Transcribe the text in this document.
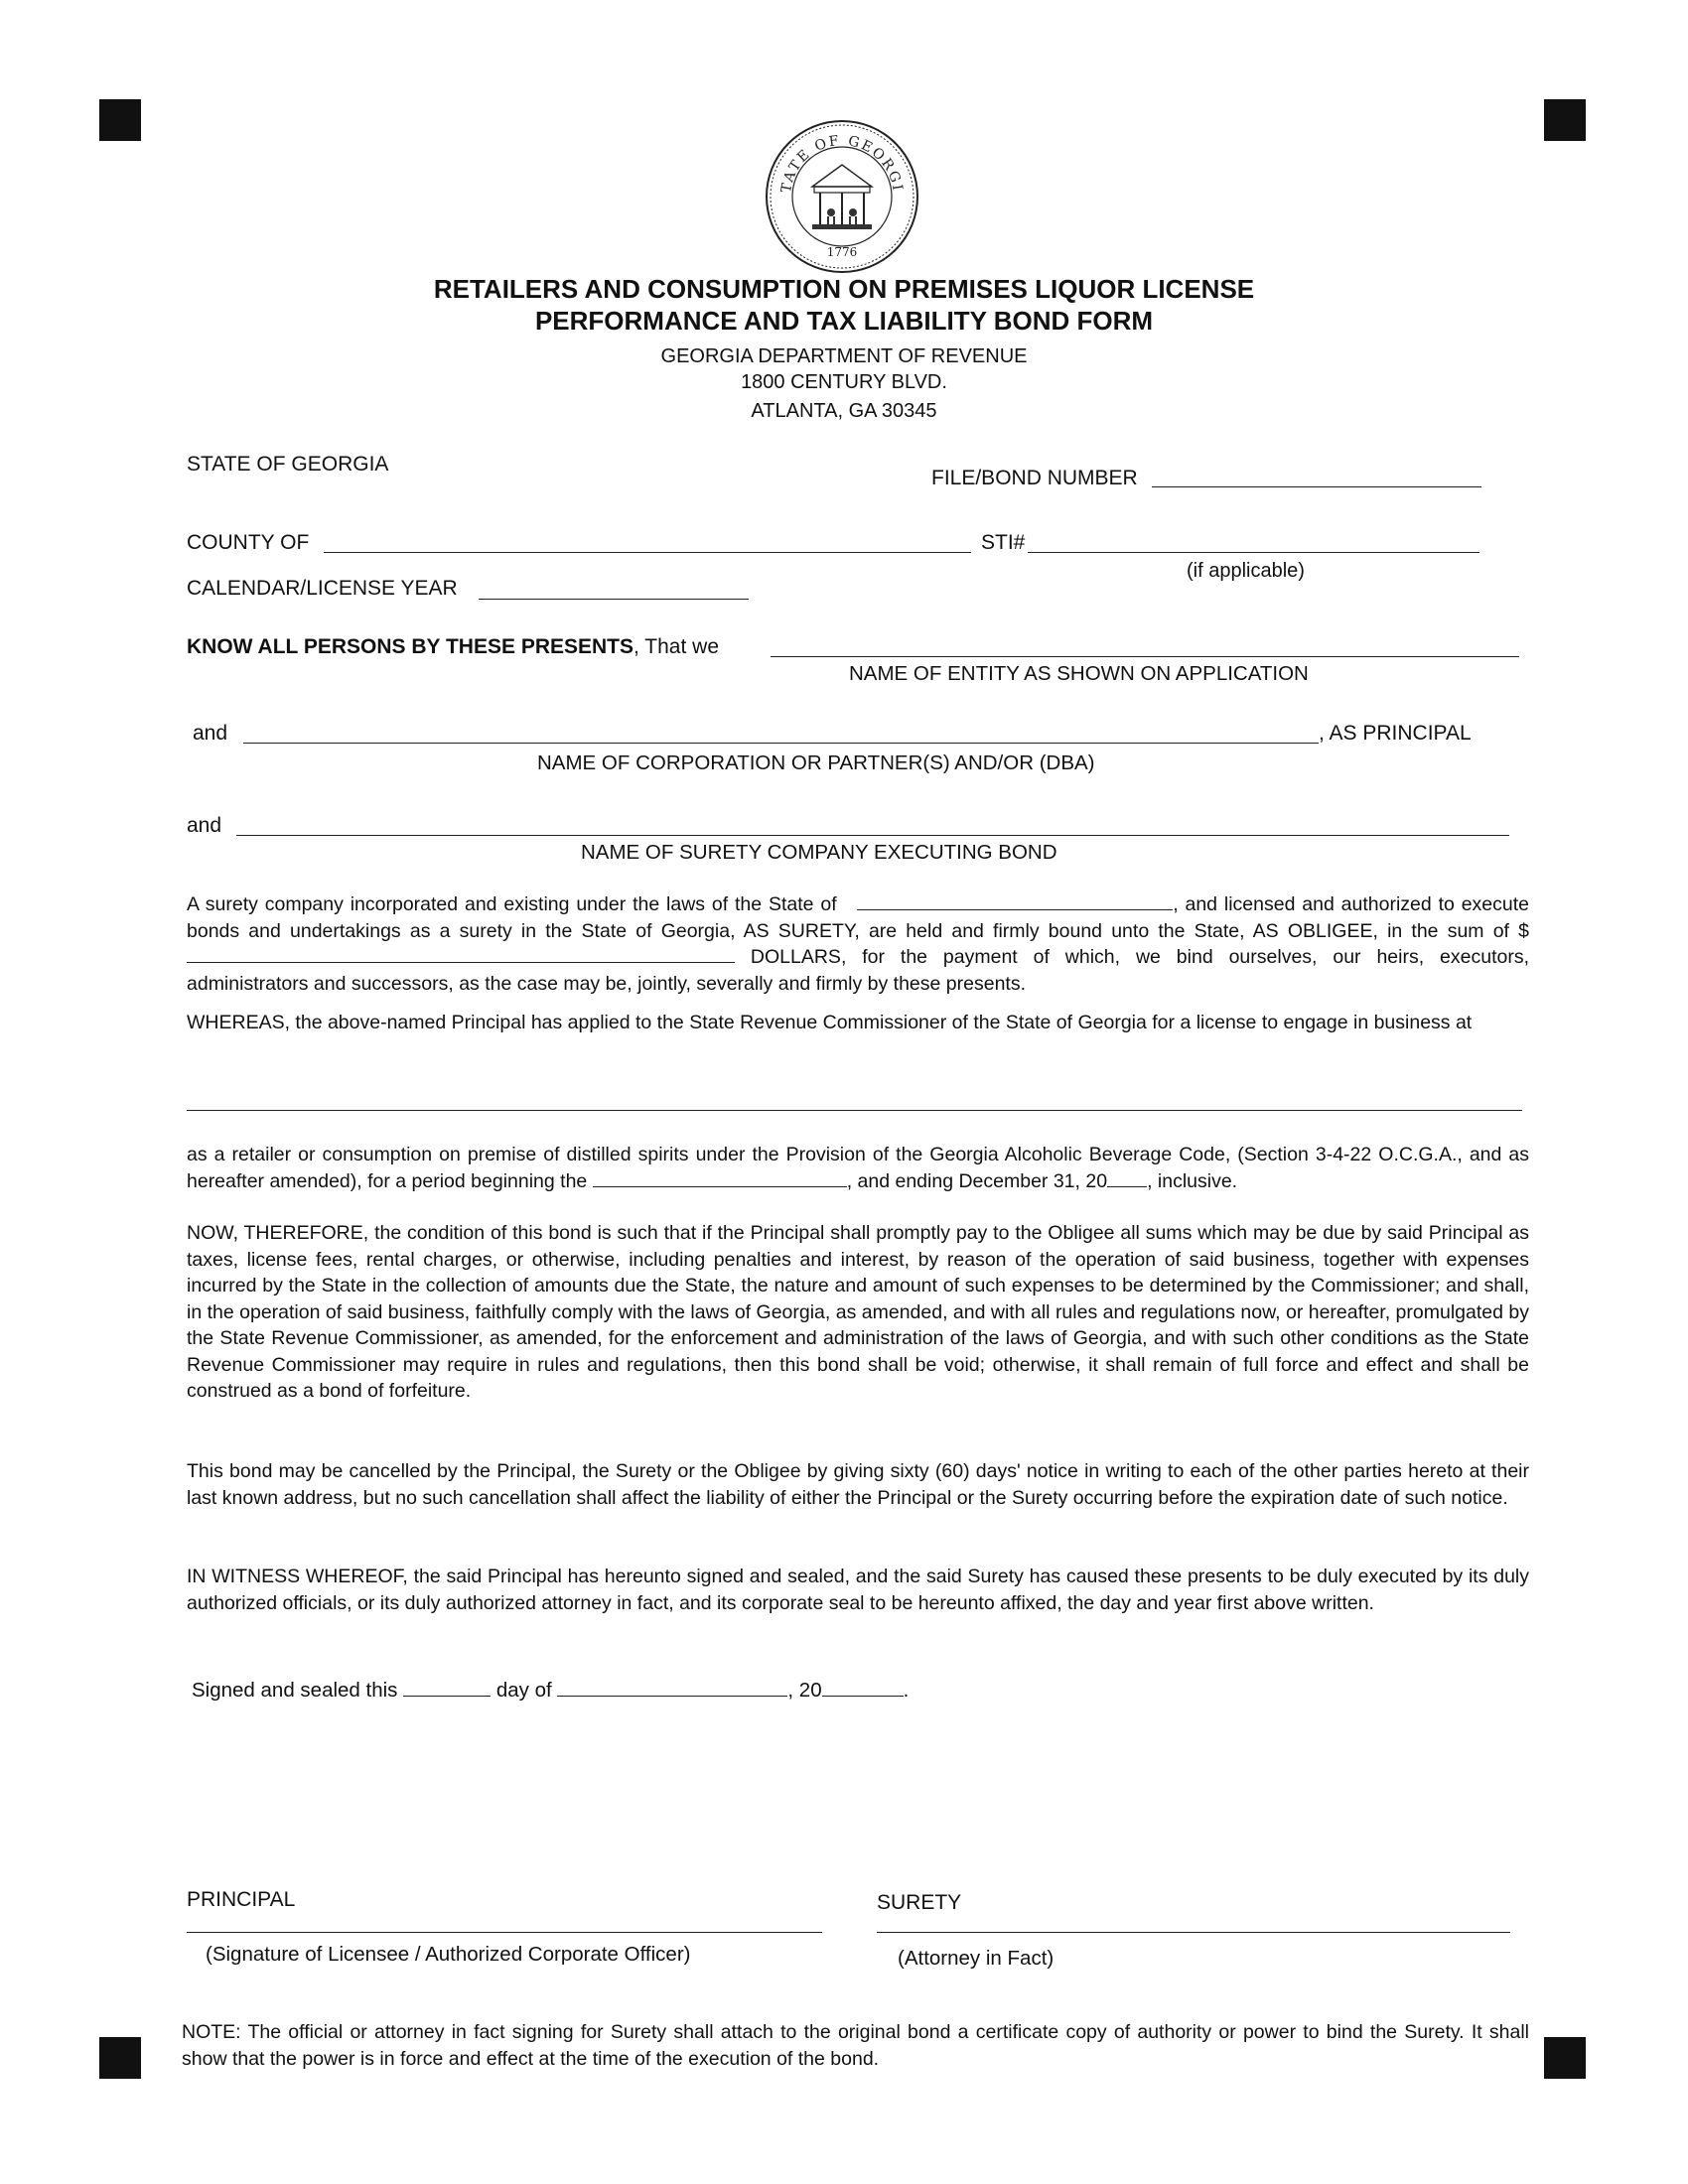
TATE OF GEORGI
1776
RETAILERS AND CONSUMPTION ON PREMISES LIQUOR LICENSE
PERFORMANCE AND TAX LIABILITY BOND FORM
GEORGIA DEPARTMENT OF REVENUE
1800 CENTURY BLVD.
ATLANTA, GA 30345
STATE OF GEORGIA
FILE/BOND NUMBER
COUNTY OF	STI#
(if applicable)
CALENDAR/LICENSE YEAR
KNOW ALL PERSONS BY THESE PRESENTS, That we
NAME OF ENTITY AS SHOWN ON APPLICATION
and	, AS PRINCIPAL
NAME OF CORPORATION OR PARTNER(S) AND/OR (DBA)
and
NAME OF SURETY COMPANY EXECUTING BOND

A surety company incorporated and existing under the laws of the State of	, and licensed and authorized to execute bonds and undertakings as a surety in the State of Georgia, AS SURETY, are held and firmly bound unto the State, AS OBLIGEE, in the sum of $  DOLLARS, for the payment of which, we bind ourselves, our heirs, executors, administrators and successors, as the case may be, jointly, severally and firmly by these presents.

WHEREAS, the above-named Principal has applied to the State Revenue Commissioner of the State of Georgia for a license to engage in business at

as a retailer or consumption on premise of distilled spirits under the Provision of the Georgia Alcoholic Beverage Code, (Section 3-4-22 O.C.G.A., and as hereafter amended), for a period beginning the	, and ending December 31, 20 , inclusive.

NOW, THEREFORE, the condition of this bond is such that if the Principal shall promptly pay to the Obligee all sums which may be due by said Principal as taxes, license fees, rental charges, or otherwise, including penalties and interest, by reason of the operation of said business, together with expenses incurred by the State in the collection of amounts due the State, the nature and amount of such expenses to be determined by the Commissioner; and shall, in the operation of said business, faithfully comply with the laws of Georgia, as amended, and with all rules and regulations now, or hereafter, promulgated by the State Revenue Commissioner, as amended, for the enforcement and administration of the laws of Georgia, and with such other conditions as the State Revenue Commissioner may require in rules and regulations, then this bond shall be void; otherwise, it shall remain of full force and effect and shall be construed as a bond of forfeiture.

This bond may be cancelled by the Principal, the Surety or the Obligee by giving sixty (60) days' notice in writing to each of the other parties hereto at their last known address, but no such cancellation shall affect the liability of either the Principal or the Surety occurring before the expiration date of such notice.

IN WITNESS WHEREOF, the said Principal has hereunto signed and sealed, and the said Surety has caused these presents to be duly executed by its duly authorized officials, or its duly authorized attorney in fact, and its corporate seal to be hereunto affixed, the day and year first above written.

Signed and sealed this	day of	, 20	.
PRINCIPAL
(Signature of Licensee / Authorized Corporate Officer)
SURETY
(Attorney in Fact)

NOTE: The official or attorney in fact signing for Surety shall attach to the original bond a certificate copy of authority or power to bind the Surety. It shall show that the power is in force and effect at the time of the execution of the bond.
